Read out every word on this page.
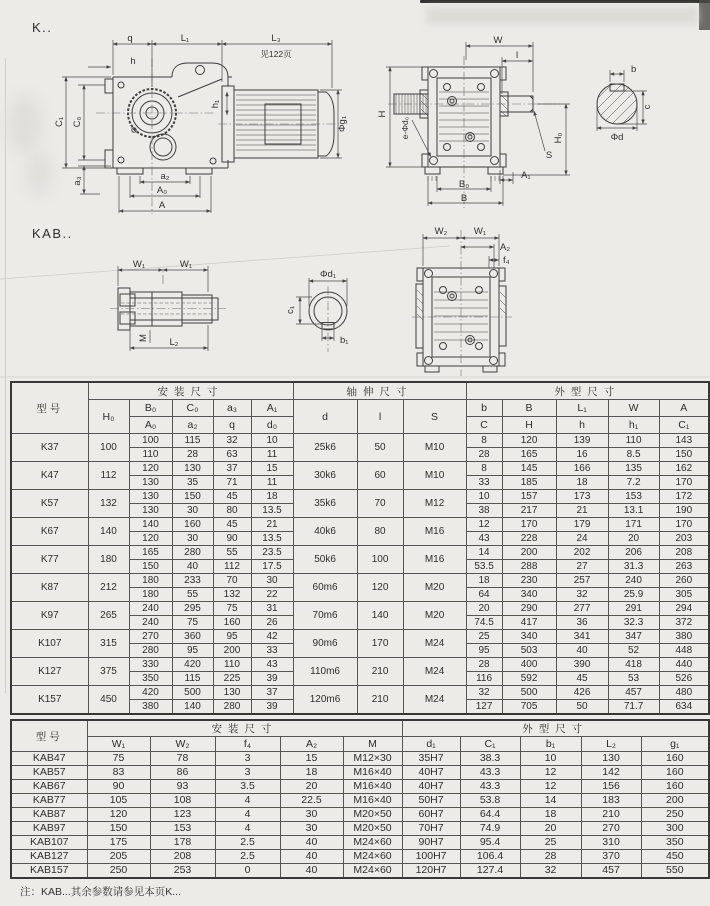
K..
KAB..
q	L₁	L₃
见122页
h
C₁ C₀
a₃	a₂
A₀
A
h₁
Φg₁
W
l
H
e-Φd₀	H₀
S
A₁
B₀
B
b
c
Φd
W₁	W₁
M L₂
Φd₁
c₁
b₁
W₂	W₁
A₂
f₄
型号	安装尺寸					轴伸尺寸			外型尺寸				
	H₀	B₀	C₀	a₃	A₁	d	l	S	b	B	L₁	W	A
		A₀	a₂	q	d₀				C	H	h	h₁	C₁
K37	100	100	115	32	10	25k6	50	M10	8	120	139	110	143
		110	28	63	11				28	165	16	8.5	150
K47	112	120	130	37	15	30k6	60	M10	8	145	166	135	162
		130	35	71	11				33	185	18	7.2	170
K57	132	130	150	45	18	35k6	70	M12	10	157	173	153	172
		130	30	80	13.5				38	217	21	13.1	190
K67	140	140	160	45	21	40k6	80	M16	12	170	179	171	170
		120	30	90	13.5				43	228	24	20	203
K77	180	165	280	55	23.5	50k6	100	M16	14	200	202	206	208
		150	40	112	17.5				53.5	288	27	31.3	263
K87	212	180	233	70	30	60m6	120	M20	18	230	257	240	260
		180	55	132	22				64	340	32	25.9	305
K97	265	240	295	75	31	70m6	140	M20	20	290	277	291	294
		240	75	160	26				74.5	417	36	32.3	372
K107	315	270	360	95	42	90m6	170	M24	25	340	341	347	380
		280	95	200	33				95	503	40	52	448
K127	375	330	420	110	43	110m6	210	M24	28	400	390	418	440
		350	115	225	39				116	592	45	53	526
K157	450	420	500	130	37	120m6	210	M24	32	500	426	457	480
		380	140	280	39				127	705	50	71.7	634
型号	安装尺寸					外型尺寸				
	W₁	W₂	f₄	A₂	M	d₁	C₁	b₁	L₂	g₁
KAB47	75	78	3	15	M12×30	35H7	38.3	10	130	160
KAB57	83	86	3	18	M16×40	40H7	43.3	12	142	160
KAB67	90	93	3.5	20	M16×40	40H7	43.3	12	156	160
KAB77	105	108	4	22.5	M16×40	50H7	53.8	14	183	200
KAB87	120	123	4	30	M20×50	60H7	64.4	18	210	250
KAB97	150	153	4	30	M20×50	70H7	74.9	20	270	300
KAB107	175	178	2.5	40	M24×60	90H7	95.4	25	310	350
KAB127	205	208	2.5	40	M24×60	100H7	106.4	28	370	450
KAB157	250	253	0	40	M24×60	120H7	127.4	32	457	550
注：KAB...其余参数请参见本页K...
